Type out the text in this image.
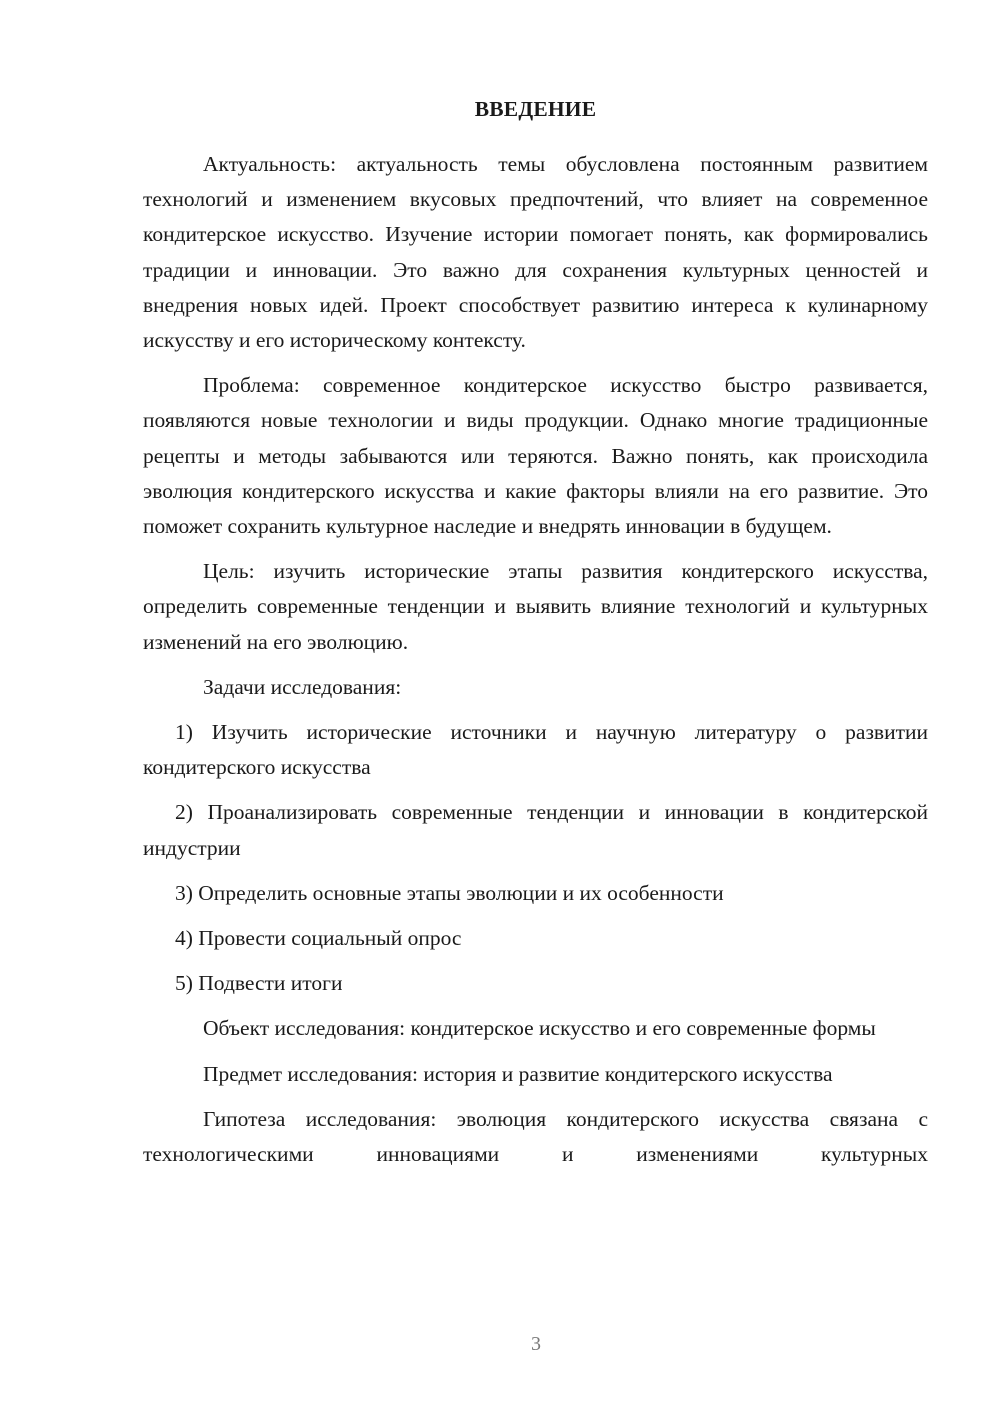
ВВЕДЕНИЕ

Актуальность: актуальность темы обусловлена постоянным развитием технологий и изменением вкусовых предпочтений, что влияет на современное кондитерское искусство. Изучение истории помогает понять, как формировались традиции и инновации. Это важно для сохранения культурных ценностей и внедрения новых идей. Проект способствует развитию интереса к кулинарному искусству и его историческому контексту.

Проблема: современное кондитерское искусство быстро развивается, появляются новые технологии и виды продукции. Однако многие традиционные рецепты и методы забываются или теряются. Важно понять, как происходила эволюция кондитерского искусства и какие факторы влияли на его развитие. Это поможет сохранить культурное наследие и внедрять инновации в будущем.

Цель: изучить исторические этапы развития кондитерского искусства, определить современные тенденции и выявить влияние технологий и культурных изменений на его эволюцию.

Задачи исследования:

1) Изучить исторические источники и научную литературу о развитии кондитерского искусства

2) Проанализировать современные тенденции и инновации в кондитерской индустрии

3) Определить основные этапы эволюции и их особенности

4) Провести социальный опрос

5) Подвести итоги

Объект исследования: кондитерское искусство и его современные формы

Предмет исследования: история и развитие кондитерского искусства

Гипотеза исследования: эволюция кондитерского искусства связана с технологическими инновациями и изменениями культурных

3
